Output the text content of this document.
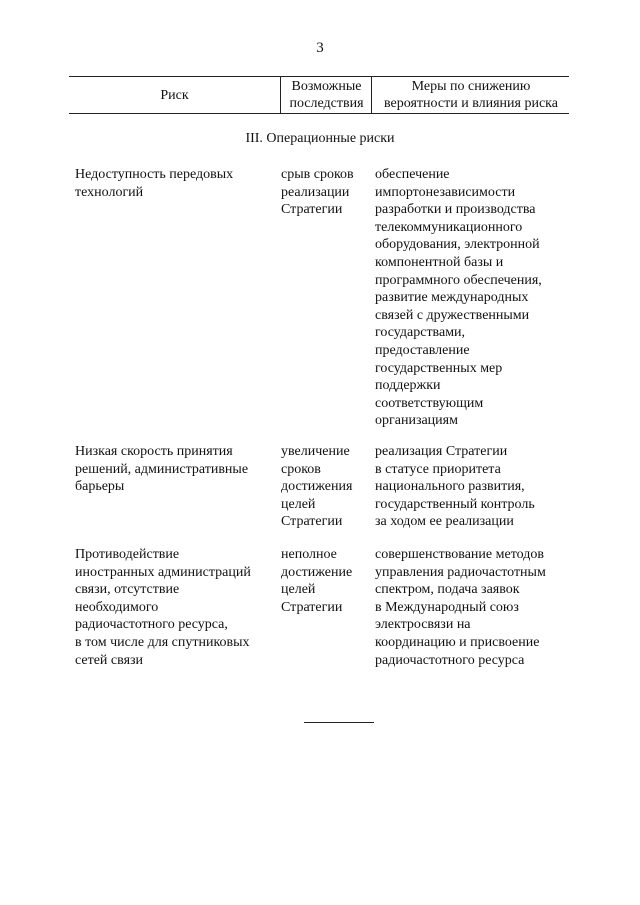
3
Риск
Возможные
последствия
Меры по снижению
вероятности и влияния риска
III. Операционные риски
Недоступность передовых
технологий
срыв сроков
реализации
Стратегии
обеспечение
импортонезависимости
разработки и производства
телекоммуникационного
оборудования, электронной
компонентной базы и
программного обеспечения,
развитие международных
связей с дружественными
государствами,
предоставление
государственных мер
поддержки
соответствующим
организациям
Низкая скорость принятия
решений, административные
барьеры
увеличение
сроков
достижения
целей
Стратегии
реализация Стратегии
в статусе приоритета
национального развития,
государственный контроль
за ходом ее реализации
Противодействие
иностранных администраций
связи, отсутствие
необходимого
радиочастотного ресурса,
в том числе для спутниковых
сетей связи
неполное
достижение
целей
Стратегии
совершенствование методов
управления радиочастотным
спектром, подача заявок
в Международный союз
электросвязи на
координацию и присвоение
радиочастотного ресурса
